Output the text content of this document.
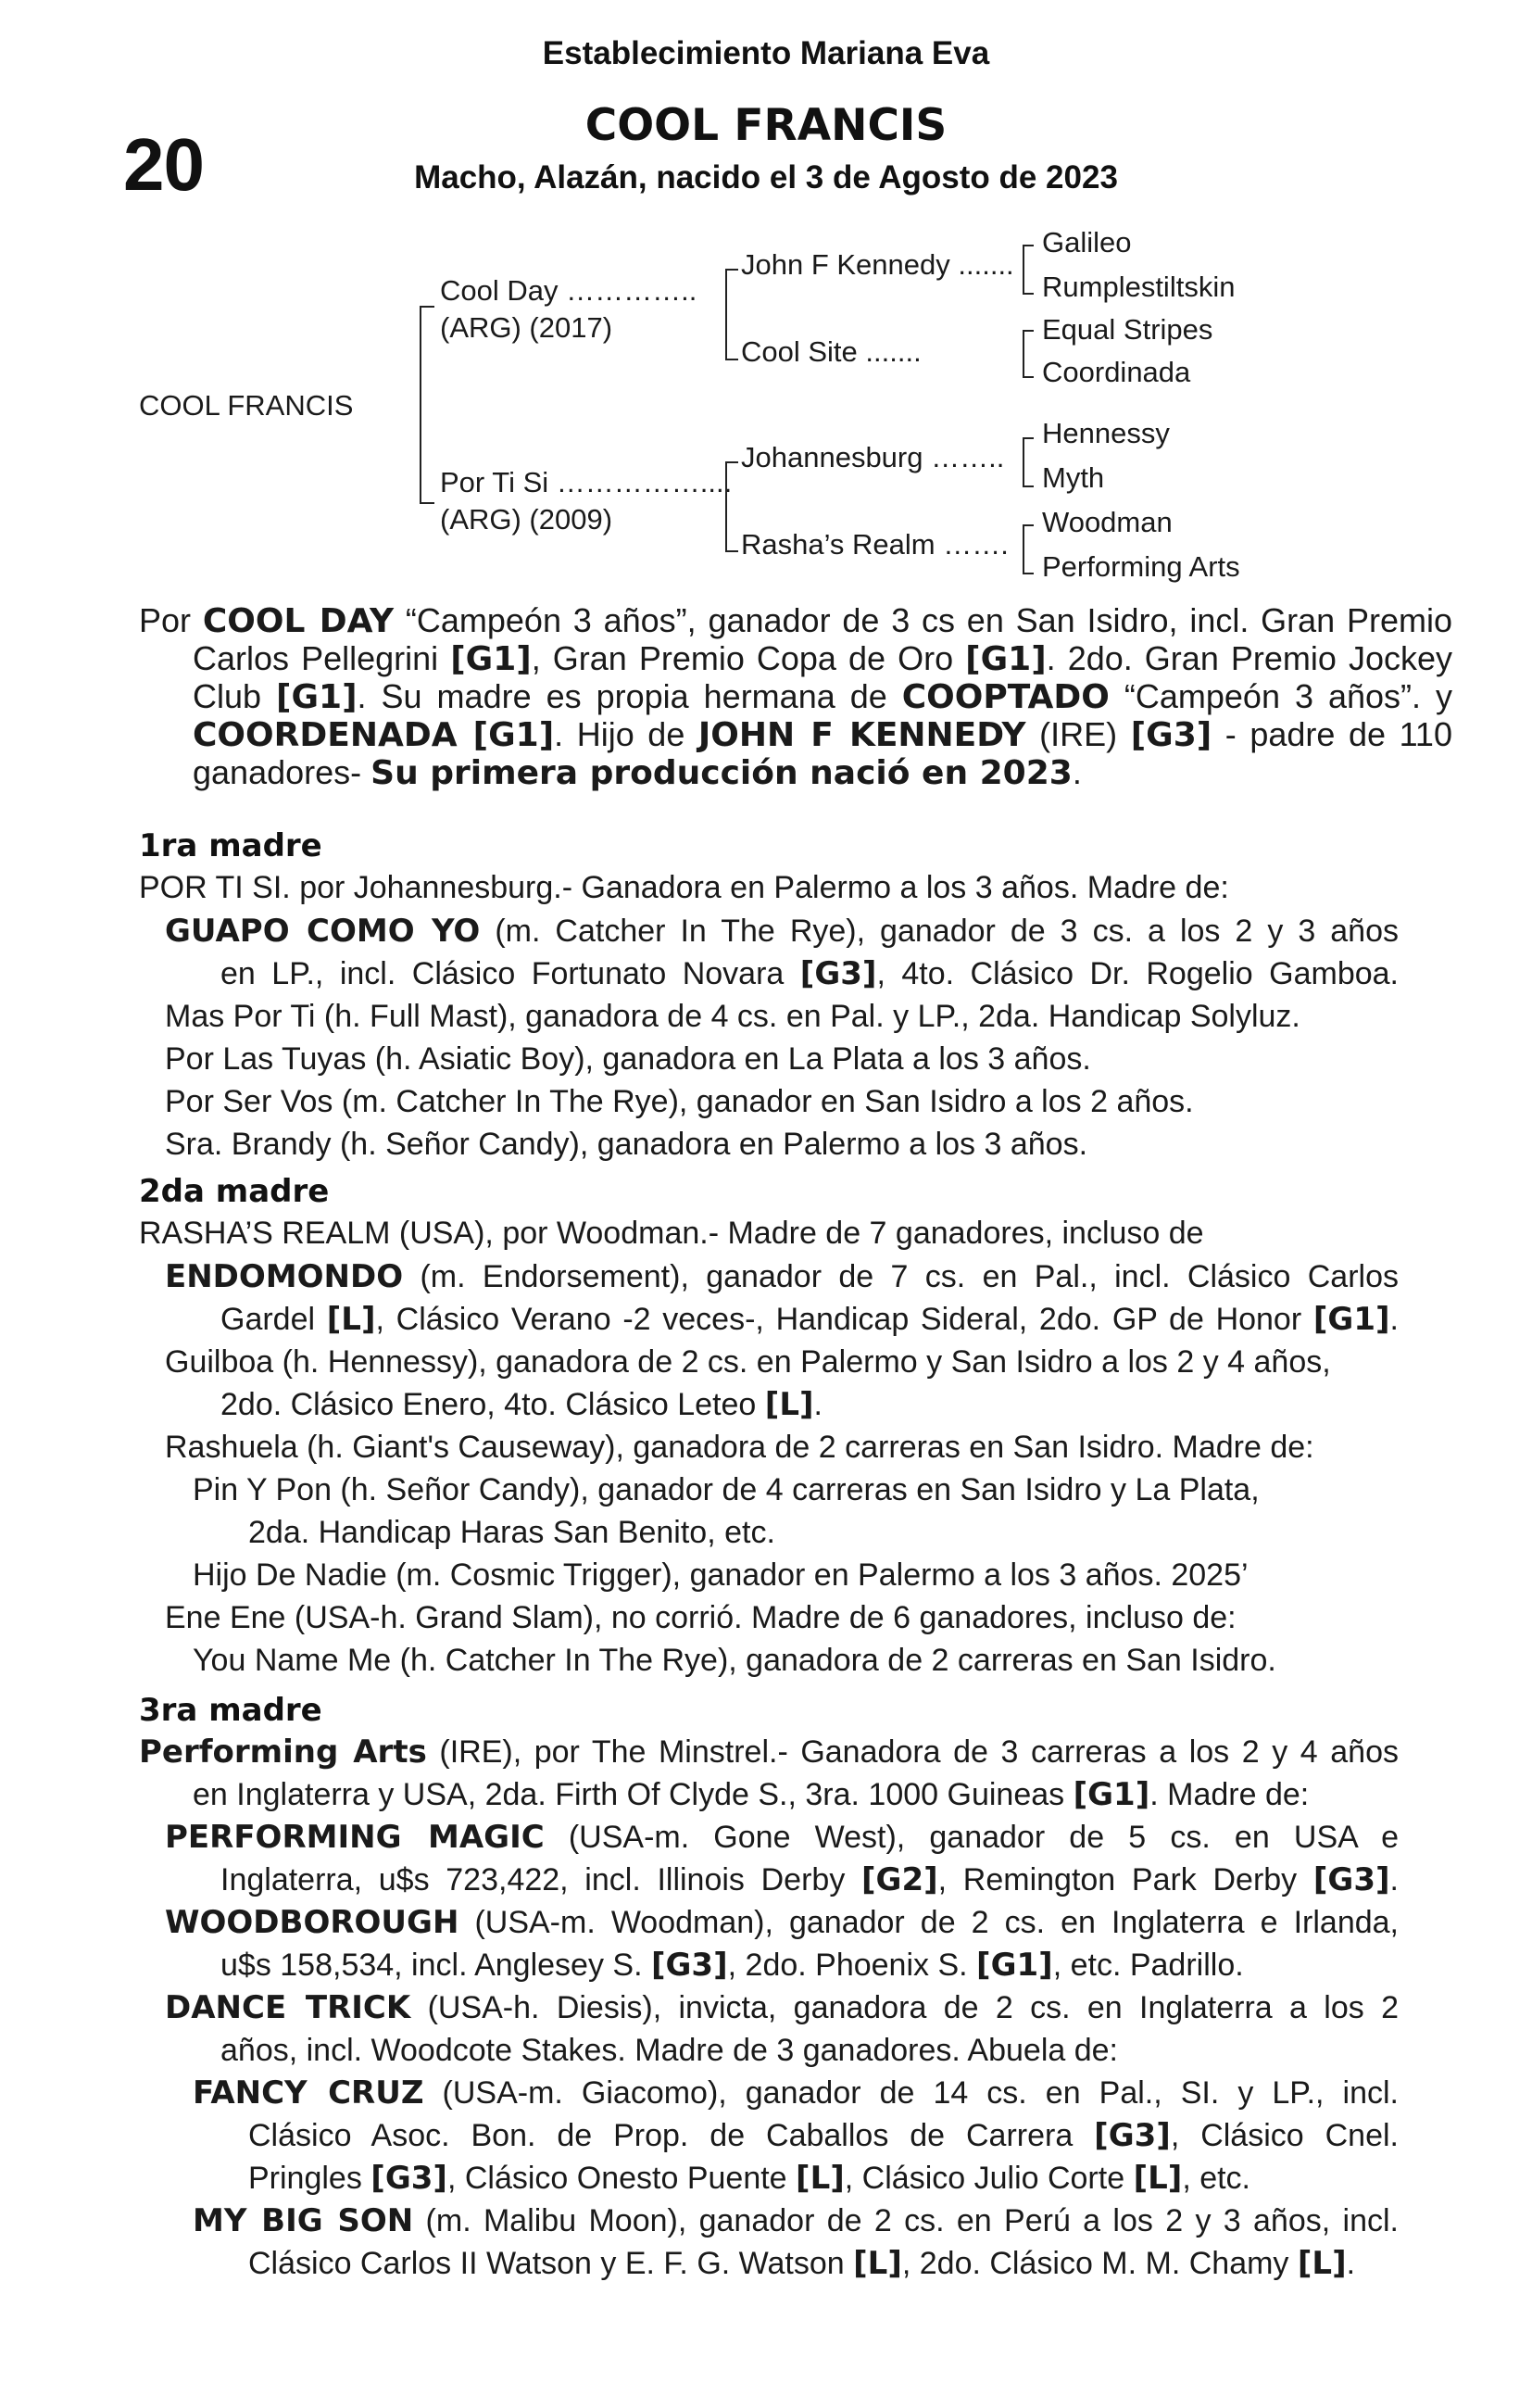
Establecimiento Mariana Eva
20	COOL FRANCIS
Macho, Alazán, nacido el 3 de Agosto de 2023
COOL FRANCIS
Cool Day …………..
(ARG) (2017)
Por Ti Si ……………....
(ARG) (2009)
John F Kennedy .......
Cool Site .......
Johannesburg ……..
Rasha’s Realm …….
Galileo
Rumplestiltskin
Equal Stripes
Coordinada
Hennessy
Myth
Woodman
Performing Arts
Por COOL DAY “Campeón 3 años”, ganador de 3 cs en San Isidro, incl. Gran Premio Carlos Pellegrini [G1], Gran Premio Copa de Oro [G1]. 2do. Gran Premio Jockey Club [G1]. Su madre es propia hermana de COOPTADO “Campeón 3 años”. y COORDENADA [G1]. Hijo de JOHN F KENNEDY (IRE) [G3] - padre de 110 ganadores- Su primera producción nació en 2023.
1ra madre
POR TI SI. por Johannesburg.- Ganadora en Palermo a los 3 años. Madre de:
GUAPO COMO YO (m. Catcher In The Rye), ganador de 3 cs. a los 2 y 3 años
en LP., incl. Clásico Fortunato Novara [G3], 4to. Clásico Dr. Rogelio Gamboa.
Mas Por Ti (h. Full Mast), ganadora de 4 cs. en Pal. y LP., 2da. Handicap Solyluz.
Por Las Tuyas (h. Asiatic Boy), ganadora en La Plata a los 3 años.
Por Ser Vos (m. Catcher In The Rye), ganador en San Isidro a los 2 años.
Sra. Brandy (h. Señor Candy), ganadora en Palermo a los 3 años.
2da madre
RASHA’S REALM (USA), por Woodman.- Madre de 7 ganadores, incluso de
ENDOMONDO (m. Endorsement), ganador de 7 cs. en Pal., incl. Clásico Carlos
Gardel [L], Clásico Verano -2 veces-, Handicap Sideral, 2do. GP de Honor [G1].
Guilboa (h. Hennessy), ganadora de 2 cs. en Palermo y San Isidro a los 2 y 4 años,
2do. Clásico Enero, 4to. Clásico Leteo [L].
Rashuela (h. Giant's Causeway), ganadora de 2 carreras en San Isidro. Madre de:
Pin Y Pon (h. Señor Candy), ganador de 4 carreras en San Isidro y La Plata,
2da. Handicap Haras San Benito, etc.
Hijo De Nadie (m. Cosmic Trigger), ganador en Palermo a los 3 años. 2025’
Ene Ene (USA-h. Grand Slam), no corrió. Madre de 6 ganadores, incluso de:
You Name Me (h. Catcher In The Rye), ganadora de 2 carreras en San Isidro.
3ra madre
Performing Arts (IRE), por The Minstrel.- Ganadora de 3 carreras a los 2 y 4 años
en Inglaterra y USA, 2da. Firth Of Clyde S., 3ra. 1000 Guineas [G1]. Madre de:
PERFORMING MAGIC (USA-m. Gone West), ganador de 5 cs. en USA e
Inglaterra, u$s 723,422, incl. Illinois Derby [G2], Remington Park Derby [G3].
WOODBOROUGH (USA-m. Woodman), ganador de 2 cs. en Inglaterra e Irlanda,
u$s 158,534, incl. Anglesey S. [G3], 2do. Phoenix S. [G1], etc. Padrillo.
DANCE TRICK (USA-h. Diesis), invicta, ganadora de 2 cs. en Inglaterra a los 2
años, incl. Woodcote Stakes. Madre de 3 ganadores. Abuela de:
FANCY CRUZ (USA-m. Giacomo), ganador de 14 cs. en Pal., SI. y LP., incl.
Clásico Asoc. Bon. de Prop. de Caballos de Carrera [G3], Clásico Cnel.
Pringles [G3], Clásico Onesto Puente [L], Clásico Julio Corte [L], etc.
MY BIG SON (m. Malibu Moon), ganador de 2 cs. en Perú a los 2 y 3 años, incl.
Clásico Carlos II Watson y E. F. G. Watson [L], 2do. Clásico M. M. Chamy [L].
